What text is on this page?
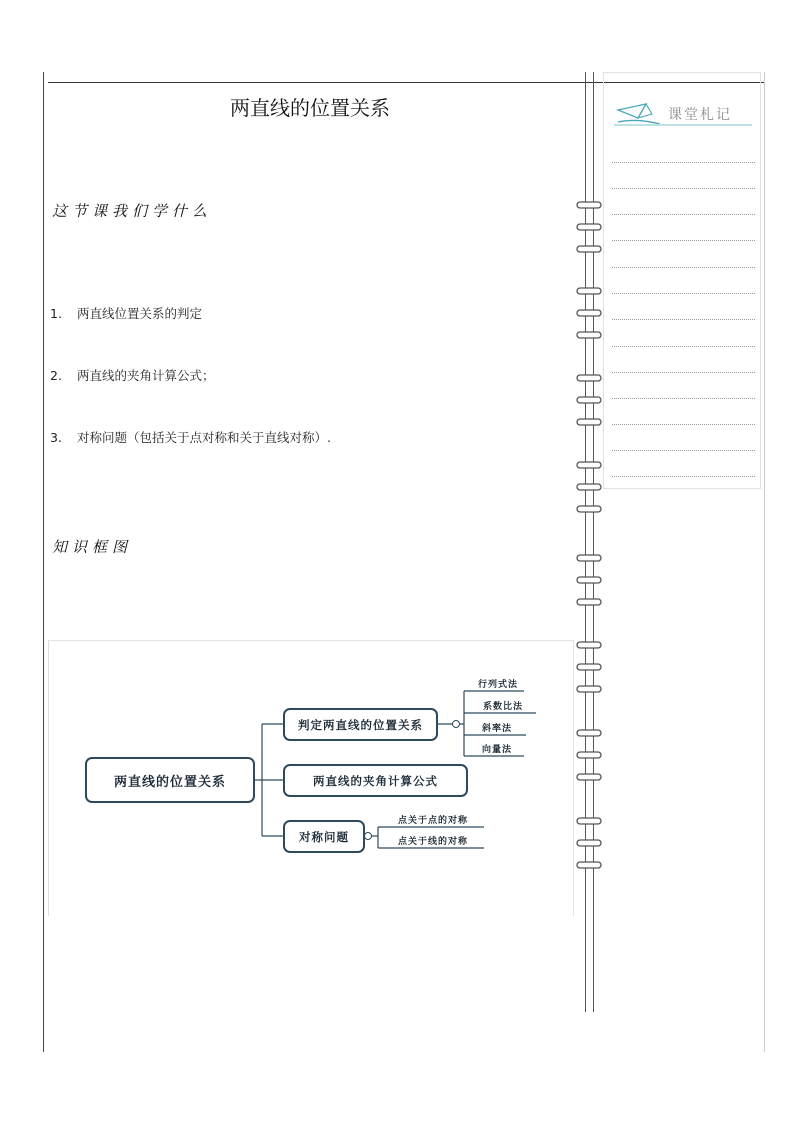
两直线的位置关系
这节课我们学什么
1. 两直线位置关系的判定
2. 两直线的夹角计算公式；
3. 对称问题（包括关于点对称和关于直线对称）.
知识框图
两直线的位置关系
判定两直线的位置关系
两直线的夹角计算公式
对称问题
行列式法
系数比法
斜率法
向量法
点关于点的对称
点关于线的对称
课堂札记
